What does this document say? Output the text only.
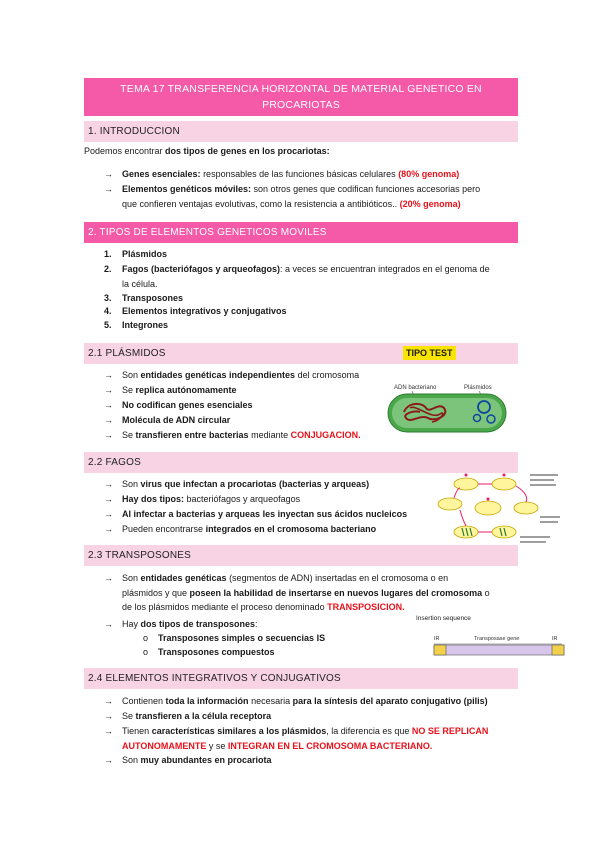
TEMA 17 TRANSFERENCIA HORIZONTAL DE MATERIAL GENETICO EN PROCARIOTAS
1. INTRODUCCION
Podemos encontrar dos tipos de genes en los procariotas:
→ Genes esenciales: responsables de las funciones básicas celulares (80% genoma)
→ Elementos genéticos móviles: son otros genes que codifican funciones accesorias pero
que confieren ventajas evolutivas, como la resistencia a antibióticos.. (20% genoma)
2. TIPOS DE ELEMENTOS GENETICOS MOVILES
1. Plásmidos
2. Fagos (bacteriófagos y arqueofagos): a veces se encuentran integrados en el genoma de
la célula.
3. Transposones
4. Elementos integrativos y conjugativos
5. Integrones
2.1 PLÁSMIDOS	TIPO TEST
→ Son entidades genéticas independientes del cromosoma
→ Se replica autónomamente
→ No codifican genes esenciales
→ Molécula de ADN circular
→ Se transfieren entre bacterias mediante CONJUGACION.
ADN bacteriano	Plásmidos
2.2 FAGOS
→ Son virus que infectan a procariotas (bacterias y arqueas)
→ Hay dos tipos: bacteriófagos y arqueofagos
→ Al infectar a bacterias y arqueas les inyectan sus ácidos nucleicos
→ Pueden encontrarse integrados en el cromosoma bacteriano
2.3 TRANSPOSONES
→ Son entidades genéticas (segmentos de ADN) insertadas en el cromosoma o en
plásmidos y que poseen la habilidad de insertarse en nuevos lugares del cromosoma o
de los plásmidos mediante el proceso denominado TRANSPOSICION.
→ Hay dos tipos de transposones:
o Transposones simples o secuencias IS
o Transposones compuestos
Insertion sequence
IR	Transposase gene	IR
2.4 ELEMENTOS INTEGRATIVOS Y CONJUGATIVOS
→ Contienen toda la información necesaria para la síntesis del aparato conjugativo (pilis)
→ Se transfieren a la célula receptora
→ Tienen características similares a los plásmidos, la diferencia es que NO SE REPLICAN
AUTONOMAMENTE y se INTEGRAN EN EL CROMOSOMA BACTERIANO.
→ Son muy abundantes en procariota
